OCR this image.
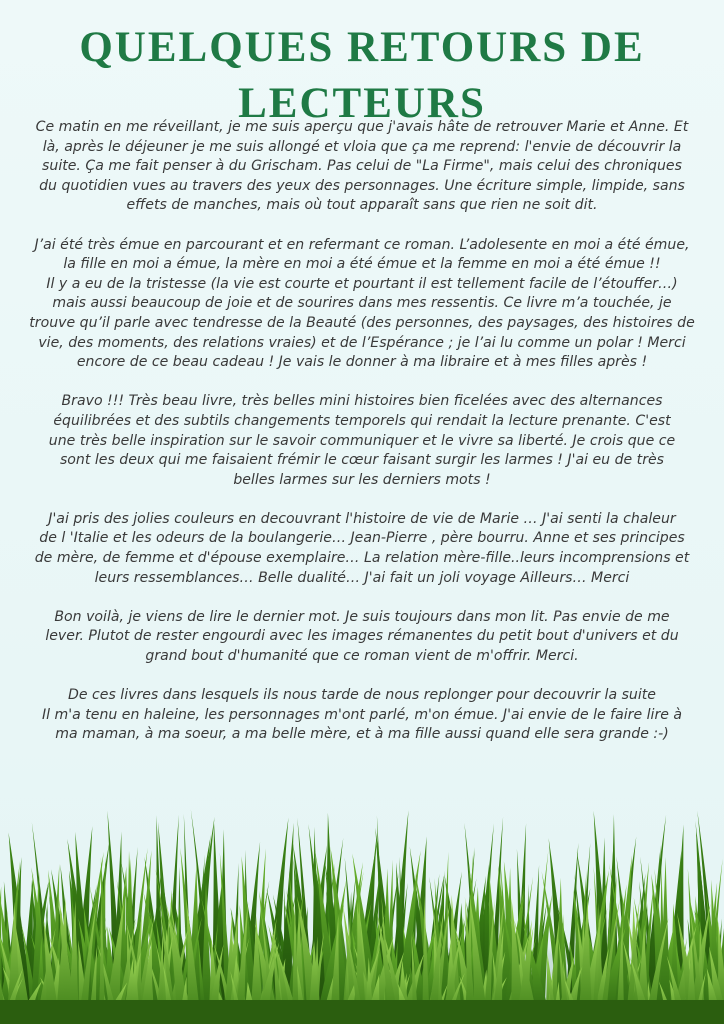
QUELQUES RETOURS DE LECTEURS
Ce matin en me réveillant, je me suis aperçu que j'avais hâte de retrouver Marie et Anne. Et
là, après le déjeuner je me suis allongé et vloia que ça me reprend: l'envie de découvrir la
suite. Ça me fait penser à du Grischam. Pas celui de "La Firme", mais celui des chroniques
du quotidien vues au travers des yeux des personnages. Une écriture simple, limpide, sans
effets de manches, mais où tout apparaît sans que rien ne soit dit.
J’ai été très émue en parcourant et en refermant ce roman. L’adolesente en moi a été émue,
la fille en moi a émue, la mère en moi a été émue et la femme en moi a été émue !!
Il y a eu de la tristesse (la vie est courte et pourtant il est tellement facile de l’étouffer…)
mais aussi beaucoup de joie et de sourires dans mes ressentis. Ce livre m’a touchée, je
trouve qu’il parle avec tendresse de la Beauté (des personnes, des paysages, des histoires de
vie, des moments, des relations vraies) et de l’Espérance ; je l’ai lu comme un polar ! Merci
encore de ce beau cadeau ! Je vais le donner à ma libraire et à mes filles après !
Bravo !!! Très beau livre, très belles mini histoires bien ficelées avec des alternances
équilibrées et des subtils changements temporels qui rendait la lecture prenante. C'est
une très belle inspiration sur le savoir communiquer et le vivre sa liberté. Je crois que ce
sont les deux qui me faisaient frémir le cœur faisant surgir les larmes ! J'ai eu de très
belles larmes sur les derniers mots !
J'ai pris des jolies couleurs en decouvrant l'histoire de vie de Marie … J'ai senti la chaleur
de l 'Italie et les odeurs de la boulangerie… Jean-Pierre , père bourru. Anne et ses principes
de mère, de femme et d'épouse exemplaire… La relation mère-fille..leurs incomprensions et
leurs ressemblances… Belle dualité… J'ai fait un joli voyage Ailleurs… Merci
Bon voilà, je viens de lire le dernier mot. Je suis toujours dans mon lit. Pas envie de me
lever. Plutot de rester engourdi avec les images rémanentes du petit bout d'univers et du
grand bout d'humanité que ce roman vient de m'offrir. Merci.
De ces livres dans lesquels ils nous tarde de nous replonger pour decouvrir la suite
Il m'a tenu en haleine, les personnages m'ont parlé, m'on émue. J'ai envie de le faire lire à
ma maman, à ma soeur, a ma belle mère, et à ma fille aussi quand elle sera grande :-)
